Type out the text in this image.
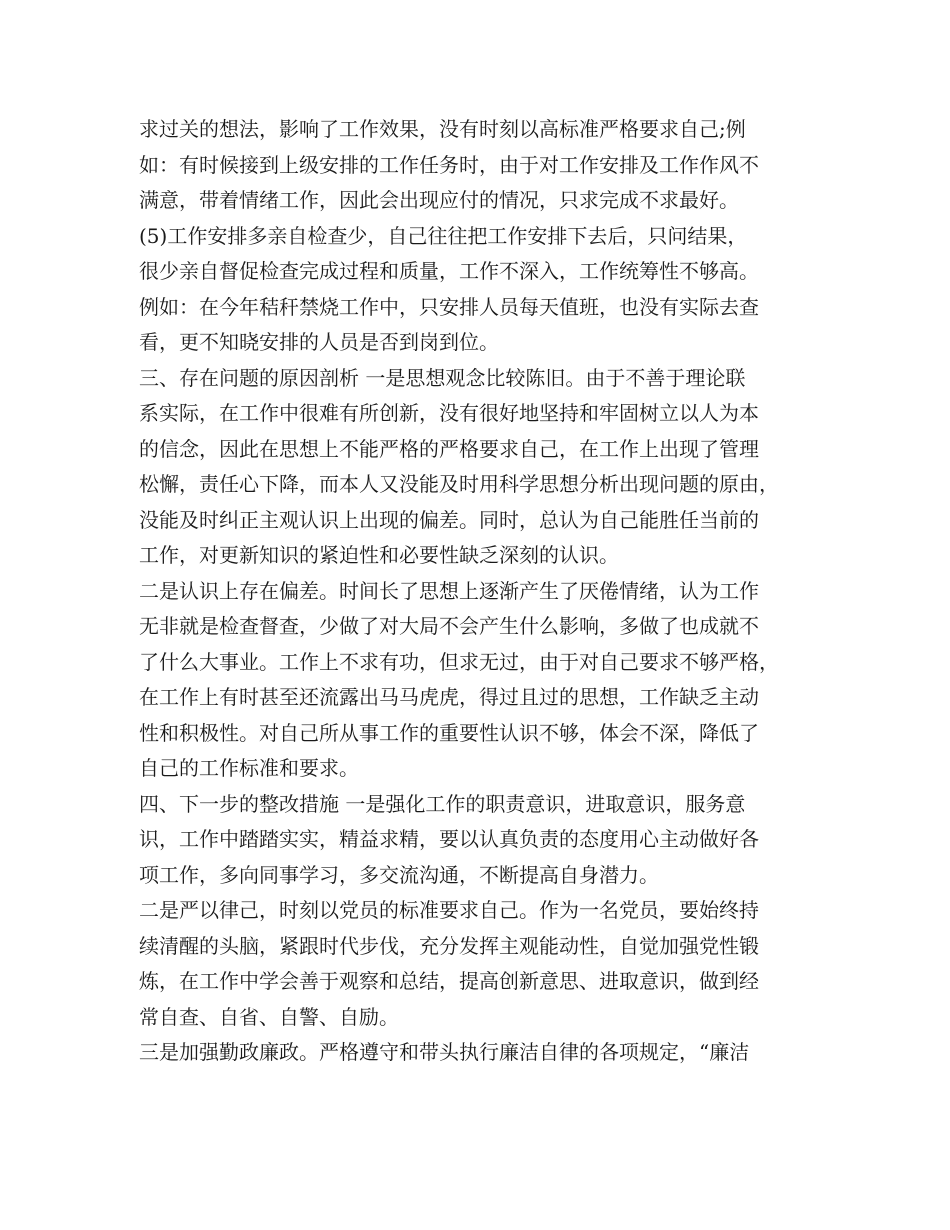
求过关的想法，影响了工作效果，没有时刻以高标准严格要求自己;例
如：有时候接到上级安排的工作任务时，由于对工作安排及工作作风不
满意，带着情绪工作，因此会出现应付的情况，只求完成不求最好。
(5)工作安排多亲自检查少，自己往往把工作安排下去后，只问结果，
很少亲自督促检查完成过程和质量，工作不深入，工作统筹性不够高。
例如：在今年秸秆禁烧工作中，只安排人员每天值班，也没有实际去查
看，更不知晓安排的人员是否到岗到位。
三、存在问题的原因剖析 一是思想观念比较陈旧。由于不善于理论联
系实际，在工作中很难有所创新，没有很好地坚持和牢固树立以人为本
的信念，因此在思想上不能严格的严格要求自己，在工作上出现了管理
松懈，责任心下降，而本人又没能及时用科学思想分析出现问题的原由，
没能及时纠正主观认识上出现的偏差。同时，总认为自己能胜任当前的
工作，对更新知识的紧迫性和必要性缺乏深刻的认识。
二是认识上存在偏差。时间长了思想上逐渐产生了厌倦情绪，认为工作
无非就是检查督查，少做了对大局不会产生什么影响，多做了也成就不
了什么大事业。工作上不求有功，但求无过，由于对自己要求不够严格，
在工作上有时甚至还流露出马马虎虎，得过且过的思想，工作缺乏主动
性和积极性。对自己所从事工作的重要性认识不够，体会不深，降低了
自己的工作标准和要求。
四、下一步的整改措施 一是强化工作的职责意识，进取意识，服务意
识，工作中踏踏实实，精益求精，要以认真负责的态度用心主动做好各
项工作，多向同事学习，多交流沟通，不断提高自身潜力。
二是严以律己，时刻以党员的标准要求自己。作为一名党员，要始终持
续清醒的头脑，紧跟时代步伐，充分发挥主观能动性，自觉加强党性锻
炼，在工作中学会善于观察和总结，提高创新意思、进取意识，做到经
常自查、自省、自警、自励。
三是加强勤政廉政。严格遵守和带头执行廉洁自律的各项规定，“廉洁
